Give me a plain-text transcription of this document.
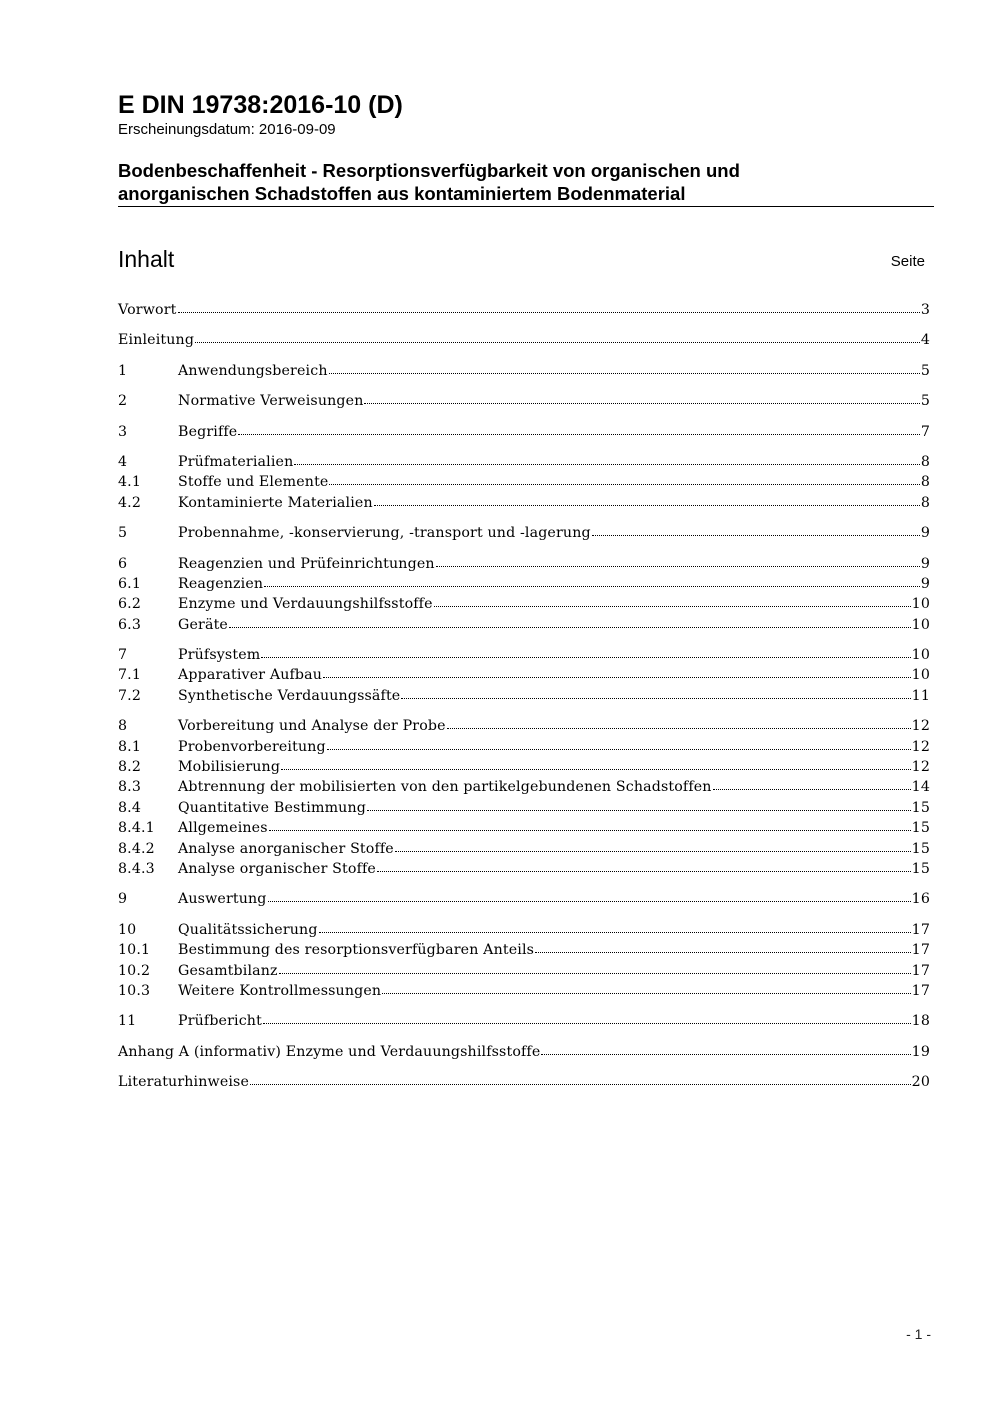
E DIN 19738:2016-10 (D)
Erscheinungsdatum: 2016-09-09
Bodenbeschaffenheit - Resorptionsverfügbarkeit von organischen und
anorganischen Schadstoffen aus kontaminiertem Bodenmaterial
Inhalt	Seite
Vorwort	3
Einleitung	4
1	Anwendungsbereich	5
2	Normative Verweisungen	5
3	Begriffe	7
4	Prüfmaterialien	8
4.1	Stoffe und Elemente	8
4.2	Kontaminierte Materialien	8
5	Probennahme, -konservierung, -transport und -lagerung	9
6	Reagenzien und Prüfeinrichtungen	9
6.1	Reagenzien	9
6.2	Enzyme und Verdauungshilfsstoffe	10
6.3	Geräte	10
7	Prüfsystem	10
7.1	Apparativer Aufbau	10
7.2	Synthetische Verdauungssäfte	11
8	Vorbereitung und Analyse der Probe	12
8.1	Probenvorbereitung	12
8.2	Mobilisierung	12
8.3	Abtrennung der mobilisierten von den partikelgebundenen Schadstoffen	14
8.4	Quantitative Bestimmung	15
8.4.1	Allgemeines	15
8.4.2	Analyse anorganischer Stoffe	15
8.4.3	Analyse organischer Stoffe	15
9	Auswertung	16
10	Qualitätssicherung	17
10.1	Bestimmung des resorptionsverfügbaren Anteils	17
10.2	Gesamtbilanz	17
10.3	Weitere Kontrollmessungen	17
11	Prüfbericht	18
Anhang A (informativ) Enzyme und Verdauungshilfsstoffe	19
Literaturhinweise	20
- 1 -
